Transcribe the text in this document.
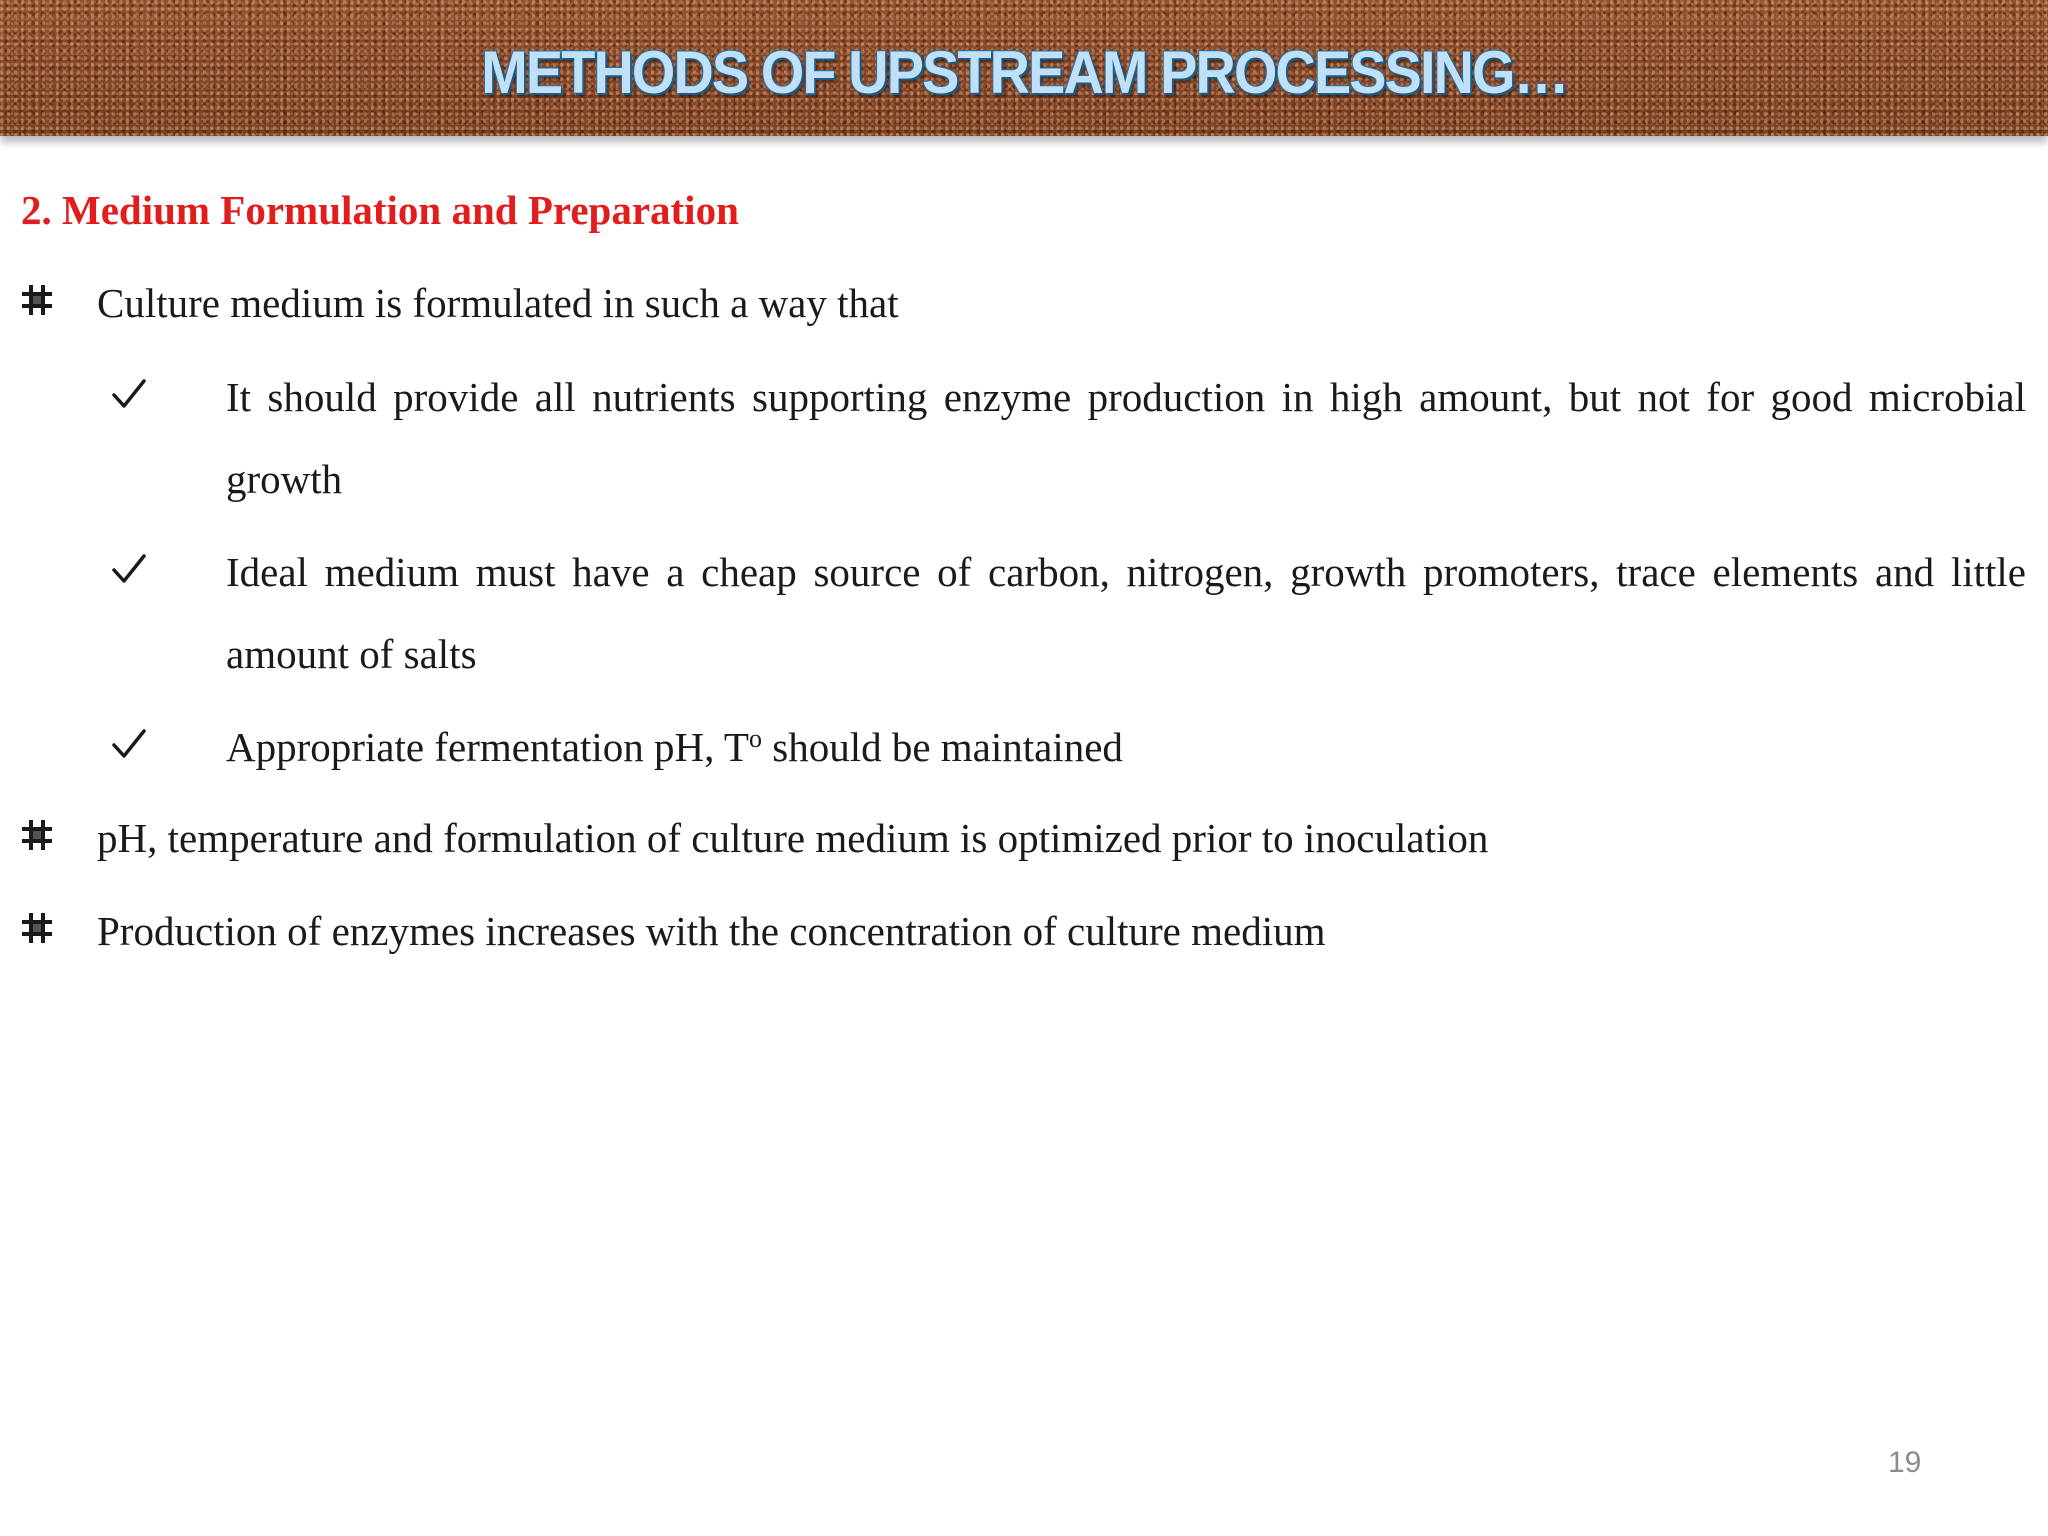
METHODS OF UPSTREAM PROCESSING…
2. Medium Formulation and Preparation
Culture medium is formulated in such a way that
It should provide all nutrients supporting enzyme production in high amount, but not for good microbial growth
Ideal medium must have a cheap source of carbon, nitrogen, growth promoters, trace elements and little amount of salts
Appropriate fermentation pH, $T^o$ should be maintained
pH, temperature and formulation of culture medium is optimized prior to inoculation
Production of enzymes increases with the concentration of culture medium
19
